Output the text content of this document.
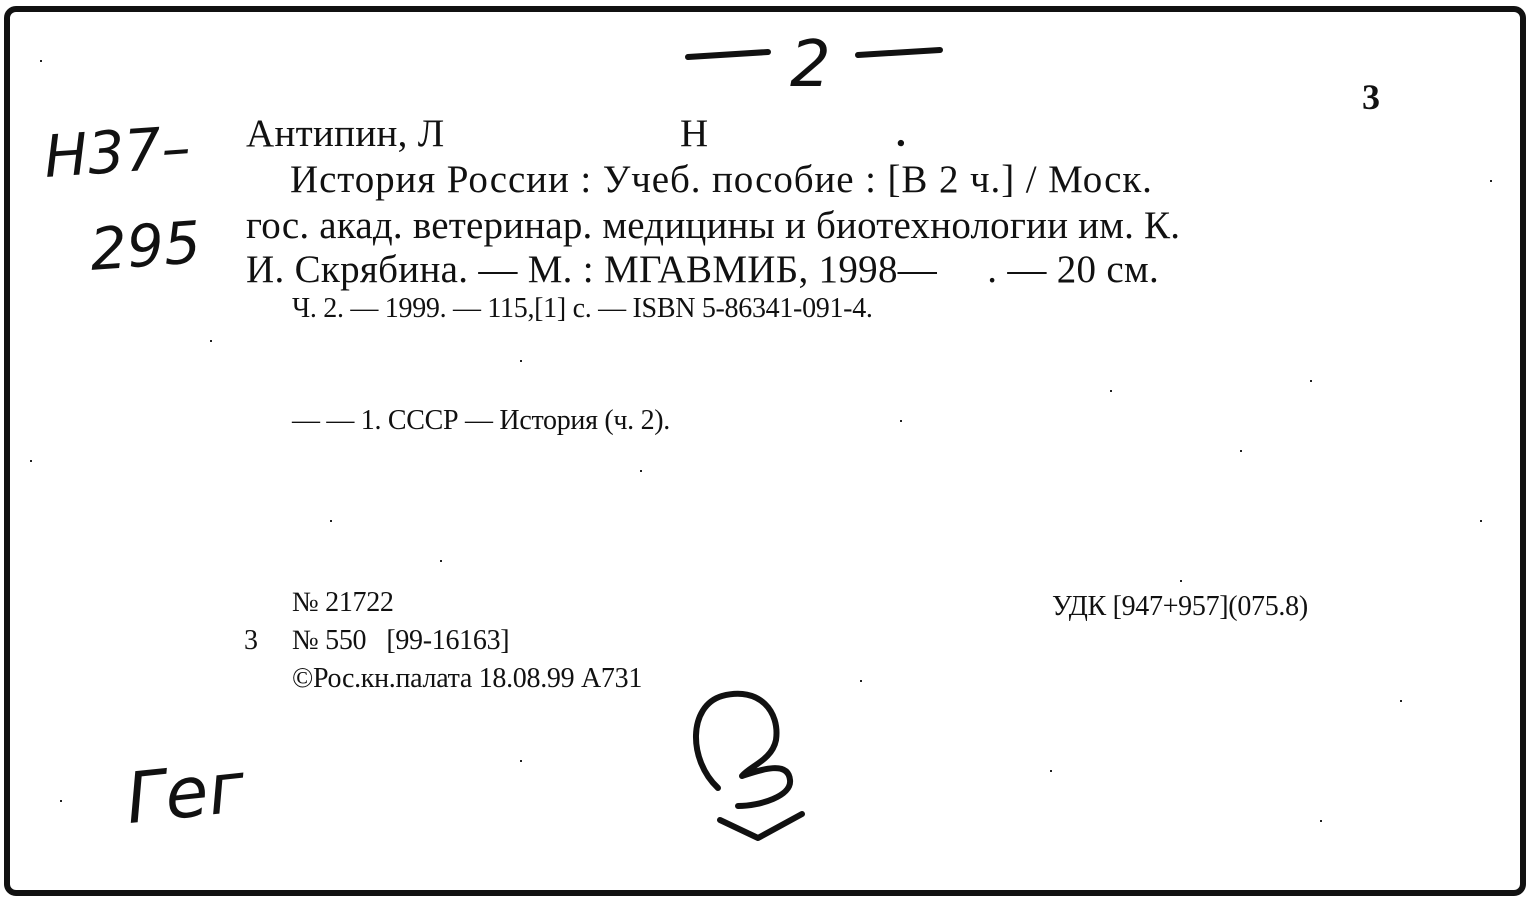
2
Н37–
295
Гег
3
Антипин, Л	Н	.
История России : Учеб. пособие : [В 2 ч.] / Моск.
гос. акад. ветеринар. медицины и биотехнологии им. К.
И. Скрябина. — М. : МГАВМИБ, 1998—     . — 20 см.
Ч. 2. — 1999. — 115,[1] с. — ISBN 5-86341-091-4.
— — 1. СССР — История (ч. 2).
№ 21722	УДК [947+957](075.8)
3 № 550   [99-16163]
©Рос.кн.палата 18.08.99 А731
